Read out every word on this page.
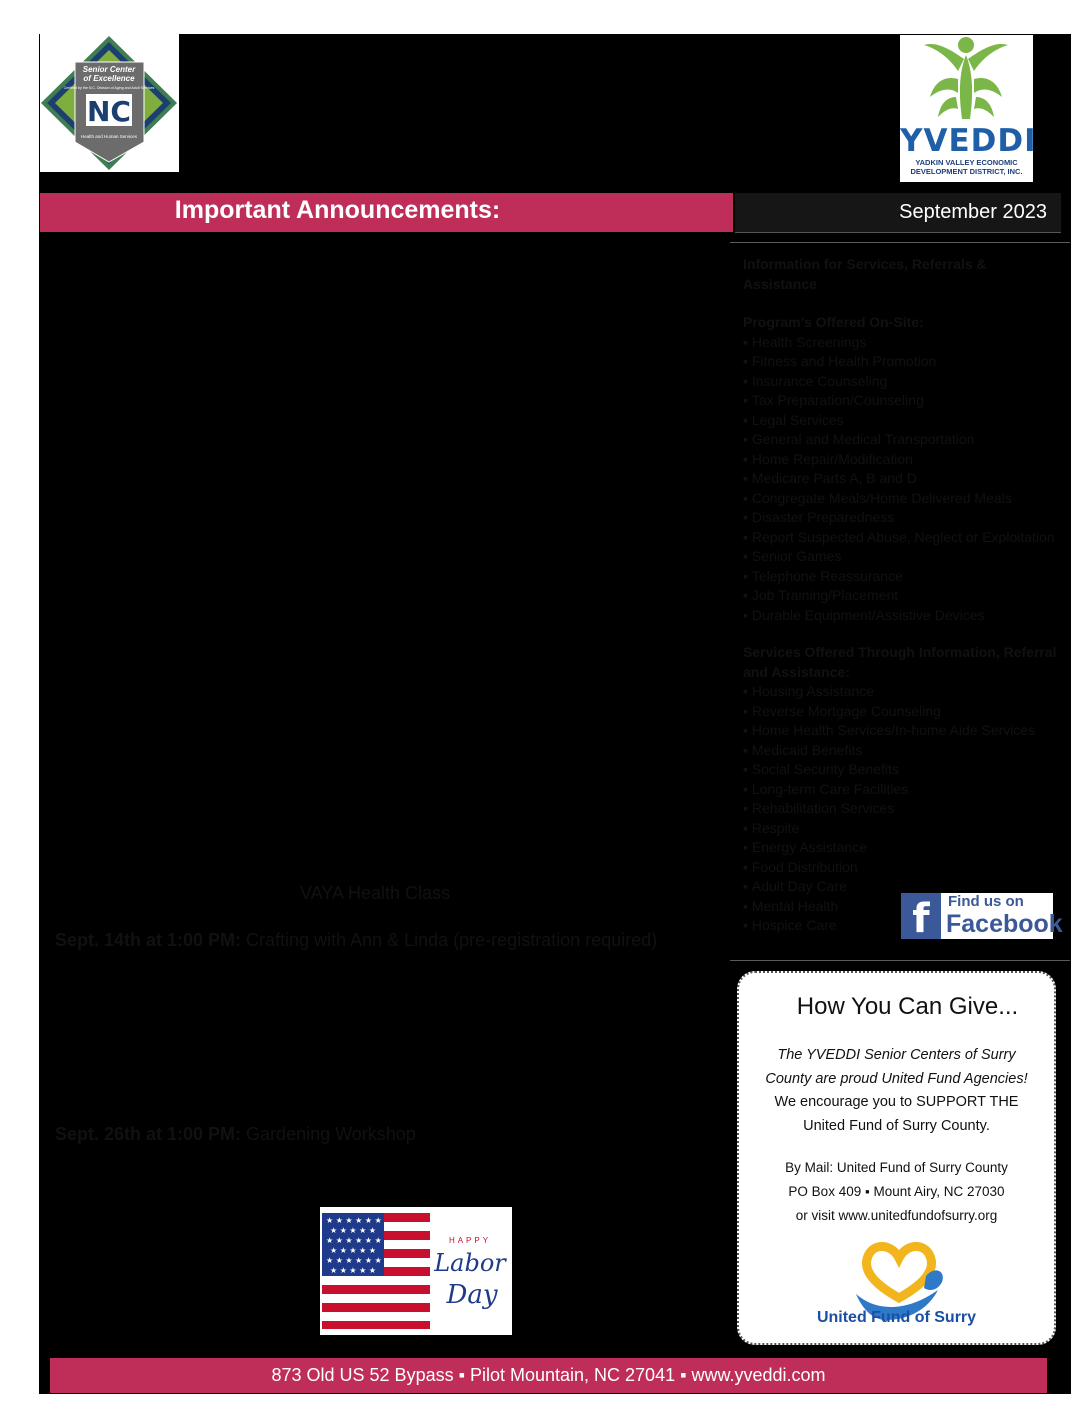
Senior Center
of Excellence
Certified by the N.C. Division of Aging and Adult Services
NC
Health and Human Services	YVEDDI
YADKIN VALLEY ECONOMIC
DEVELOPMENT DISTRICT, INC.
Important Announcements:	September 2023
Information for Services, Referrals & Assistance
Program’s Offered On-Site:
▪ Health Screenings
▪ Fitness and Health Promotion
▪ Insurance Counseling
▪ Tax Preparation/Counseling
▪ Legal Services
▪ General and Medical Transportation
▪ Home Repair/Modification
▪ Medicare Parts A, B and D
▪ Congregate Meals/Home Delivered Meals
▪ Disaster Preparedness
▪ Report Suspected Abuse, Neglect or Exploitation
▪ Senior Games
▪ Telephone Reassurance
▪ Job Training/Placement
▪ Durable Equipment/Assistive Devices
Services Offered Through Information, Referral and Assistance:
▪ Housing Assistance
▪ Reverse Mortgage Counseling
▪ Home Health Services/In-home Aide Services
▪ Medicaid Benefits
▪ Social Security Benefits
▪ Long-term Care Facilities
▪ Rehabilitation Services
▪ Respite
▪ Energy Assistance
▪ Food Distribution
▪ Adult Day Care
▪ Mental Health
▪ Hospice Care	f	Find us on
Facebook
How You Can Give...
The YVEDDI Senior Centers of Surry
County are proud United Fund Agencies!
We encourage you to SUPPORT THE
United Fund of Surry County.
By Mail: United Fund of Surry County
PO Box 409 ▪ Mount Airy, NC 27030
or visit www.unitedfundofsurry.org
United Fund of Surry
VAYA Health Class
Sept. 14th at 1:00 PM: Crafting with Ann & Linda (pre-registration required)
Sept. 26th at 1:00 PM: Gardening Workshop
★ ★ ★ ★ ★ ★
★ ★ ★ ★ ★
★ ★ ★ ★ ★ ★
★ ★ ★ ★ ★
★ ★ ★ ★ ★ ★
★ ★ ★ ★ ★
HAPPY
Labor
Day
873 Old US 52 Bypass ▪ Pilot Mountain, NC 27041 ▪ www.yveddi.com
